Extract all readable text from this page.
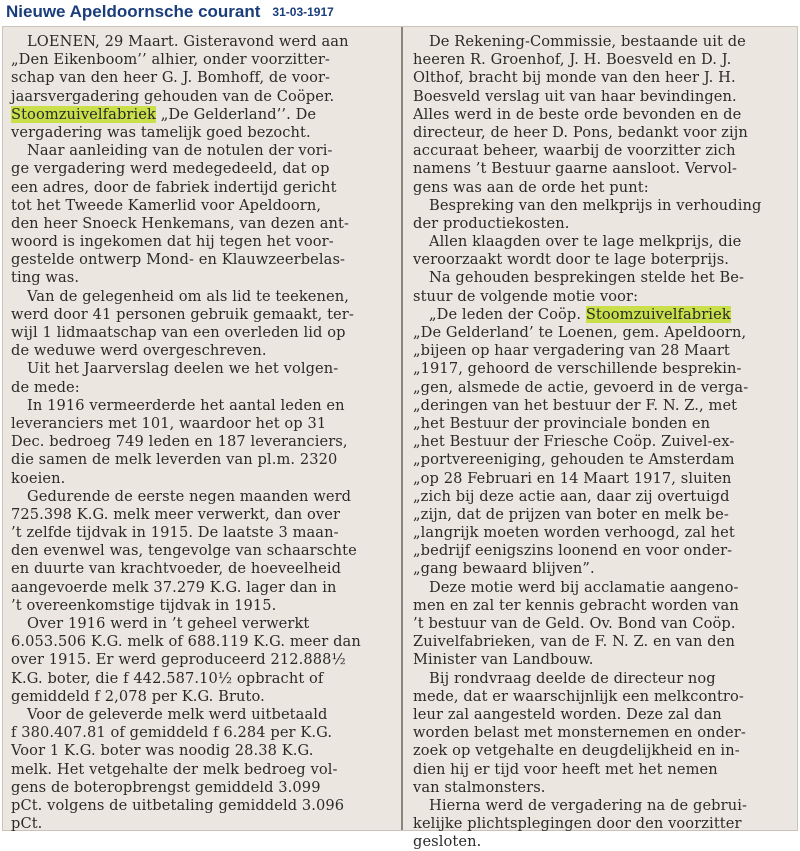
Nieuwe Apeldoornsche courant 31-03-1917
LOENEN, 29 Maart. Gisteravond werd aan
„Den Eikenboom’’ alhier, onder voorzitter-
schap van den heer G. J. Bomhoff, de voor-
jaarsvergadering gehouden van de Coöper.
Stoomzuivelfabriek „De Gelderland’’. De
vergadering was tamelijk goed bezocht.
Naar aanleiding van de notulen der vori-
ge vergadering werd medegedeeld, dat op
een adres, door de fabriek indertijd gericht
tot het Tweede Kamerlid voor Apeldoorn,
den heer Snoeck Henkemans, van dezen ant-
woord is ingekomen dat hij tegen het voor-
gestelde ontwerp Mond- en Klauwzeerbelas-
ting was.
Van de gelegenheid om als lid te teekenen,
werd door 41 personen gebruik gemaakt, ter-
wijl 1 lidmaatschap van een overleden lid op
de weduwe werd overgeschreven.
Uit het Jaarverslag deelen we het volgen-
de mede:
In 1916 vermeerderde het aantal leden en
leveranciers met 101, waardoor het op 31
Dec. bedroeg 749 leden en 187 leveranciers,
die samen de melk leverden van pl.m. 2320
koeien.
Gedurende de eerste negen maanden werd
725.398 K.G. melk meer verwerkt, dan over
’t zelfde tijdvak in 1915. De laatste 3 maan-
den evenwel was, tengevolge van schaarschte
en duurte van krachtvoeder, de hoeveelheid
aangevoerde melk 37.279 K.G. lager dan in
’t overeenkomstige tijdvak in 1915.
Over 1916 werd in ’t geheel verwerkt
6.053.506 K.G. melk of 688.119 K.G. meer dan
over 1915. Er werd geproduceerd 212.888½
K.G. boter, die f 442.587.10½ opbracht of
gemiddeld f 2,078 per K.G. Bruto.
Voor de geleverde melk werd uitbetaald
f 380.407.81 of gemiddeld f 6.284 per K.G.
Voor 1 K.G. boter was noodig 28.38 K.G.
melk. Het vetgehalte der melk bedroeg vol-
gens de boteropbrengst gemiddeld 3.099
pCt. volgens de uitbetaling gemiddeld 3.096
pCt.
De Rekening-Commissie, bestaande uit de
heeren R. Groenhof, J. H. Boesveld en D. J.
Olthof, bracht bij monde van den heer J. H.
Boesveld verslag uit van haar bevindingen.
Alles werd in de beste orde bevonden en de
directeur, de heer D. Pons, bedankt voor zijn
accuraat beheer, waarbij de voorzitter zich
namens ’t Bestuur gaarne aansloot. Vervol-
gens was aan de orde het punt:
Bespreking van den melkprijs in verhouding
der productiekosten.
Allen klaagden over te lage melkprijs, die
veroorzaakt wordt door te lage boterprijs.
Na gehouden besprekingen stelde het Be-
stuur de volgende motie voor:
„De leden der Coöp. Stoomzuivelfabriek
„De Gelderland’ te Loenen, gem. Apeldoorn,
„bijeen op haar vergadering van 28 Maart
„1917, gehoord de verschillende besprekin-
„gen, alsmede de actie, gevoerd in de verga-
„deringen van het bestuur der F. N. Z., met
„het Bestuur der provinciale bonden en
„het Bestuur der Friesche Coöp. Zuivel-ex-
„portvereeniging, gehouden te Amsterdam
„op 28 Februari en 14 Maart 1917, sluiten
„zich bij deze actie aan, daar zij overtuigd
„zijn, dat de prijzen van boter en melk be-
„langrijk moeten worden verhoogd, zal het
„bedrijf eenigszins loonend en voor onder-
„gang bewaard blijven”.
Deze motie werd bij acclamatie aangeno-
men en zal ter kennis gebracht worden van
’t bestuur van de Geld. Ov. Bond van Coöp.
Zuivelfabrieken, van de F. N. Z. en van den
Minister van Landbouw.
Bij rondvraag deelde de directeur nog
mede, dat er waarschijnlijk een melkcontro-
leur zal aangesteld worden. Deze zal dan
worden belast met monsternemen en onder-
zoek op vetgehalte en deugdelijkheid en in-
dien hij er tijd voor heeft met het nemen
van stalmonsters.
Hierna werd de vergadering na de gebrui-
kelijke plichtsplegingen door den voorzitter
gesloten.
